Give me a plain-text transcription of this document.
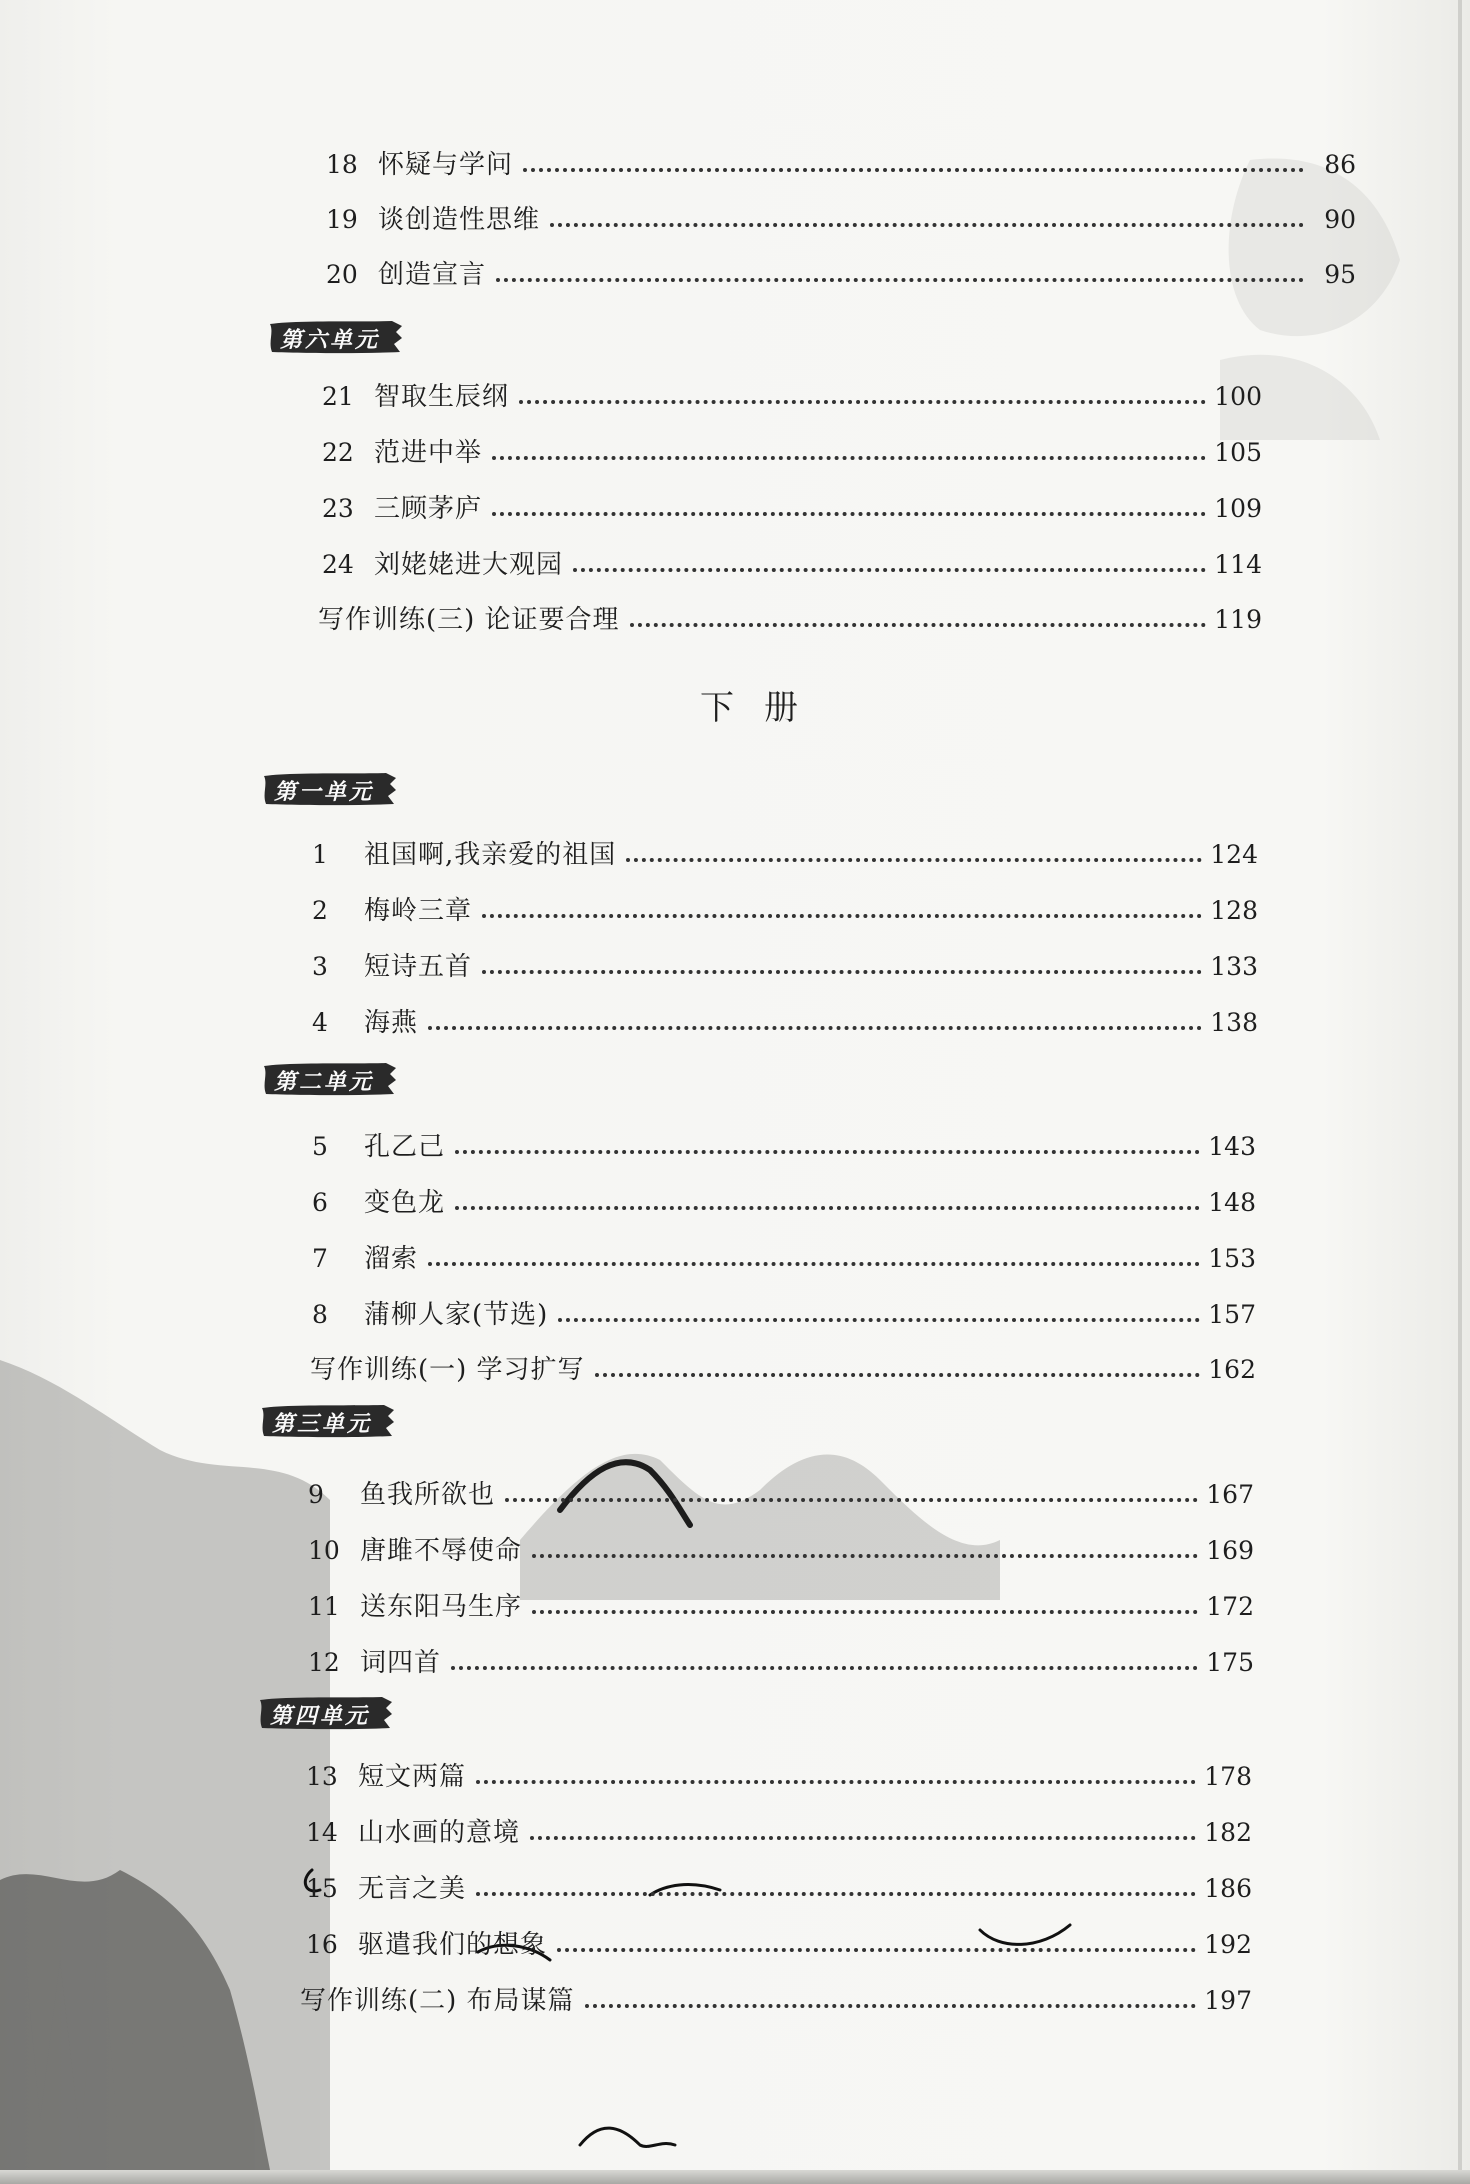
18 怀疑与学问	86
19 谈创造性思维	90
20 创造宣言	95
第六单元
21 智取生辰纲	100
22 范进中举	105
23 三顾茅庐	109
24 刘姥姥进大观园	114
写作训练(三) 论证要合理	119
下册
第一单元
1	祖国啊,我亲爱的祖国	124
2	梅岭三章	128
3	短诗五首	133
4	海燕	138
第二单元
5	孔乙己	143
6	变色龙	148
7	溜索	153
8	蒲柳人家(节选)	157
写作训练(一) 学习扩写	162
第三单元
9	鱼我所欲也	167
10 唐雎不辱使命	169
11 送东阳马生序	172
12 词四首	175
第四单元
13 短文两篇	178
14 山水画的意境	182
15 无言之美	186
16 驱遣我们的想象	192
写作训练(二) 布局谋篇	197
